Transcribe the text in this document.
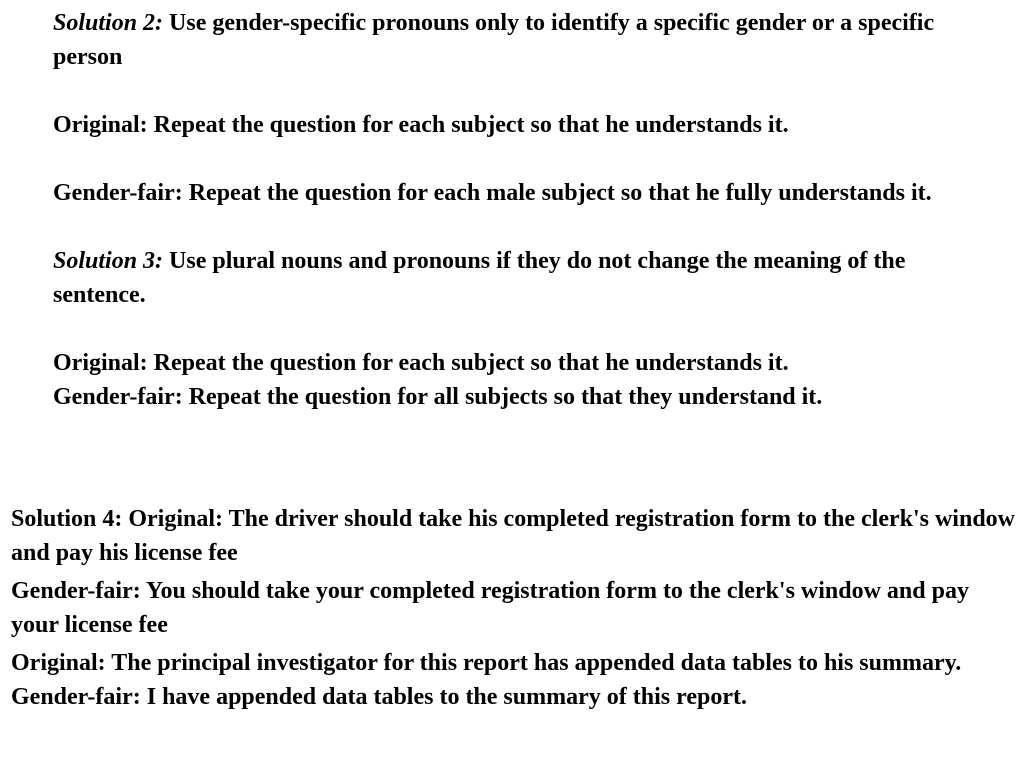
Solution 2: Use gender-specific pronouns only to identify a specific gender or a specific person

Original: Repeat the question for each subject so that he understands it.

Gender-fair: Repeat the question for each male subject so that he fully understands it.

Solution 3: Use plural nouns and pronouns if they do not change the meaning of the sentence.

Original: Repeat the question for each subject so that he understands it.

Gender-fair: Repeat the question for all subjects so that they understand it.

Solution 4: Original: The driver should take his completed registration form to the clerk's window and pay his license fee

Gender-fair: You should take your completed registration form to the clerk's window and pay your license fee

Original: The principal investigator for this report has appended data tables to his summary.

Gender-fair: I have appended data tables to the summary of this report.
